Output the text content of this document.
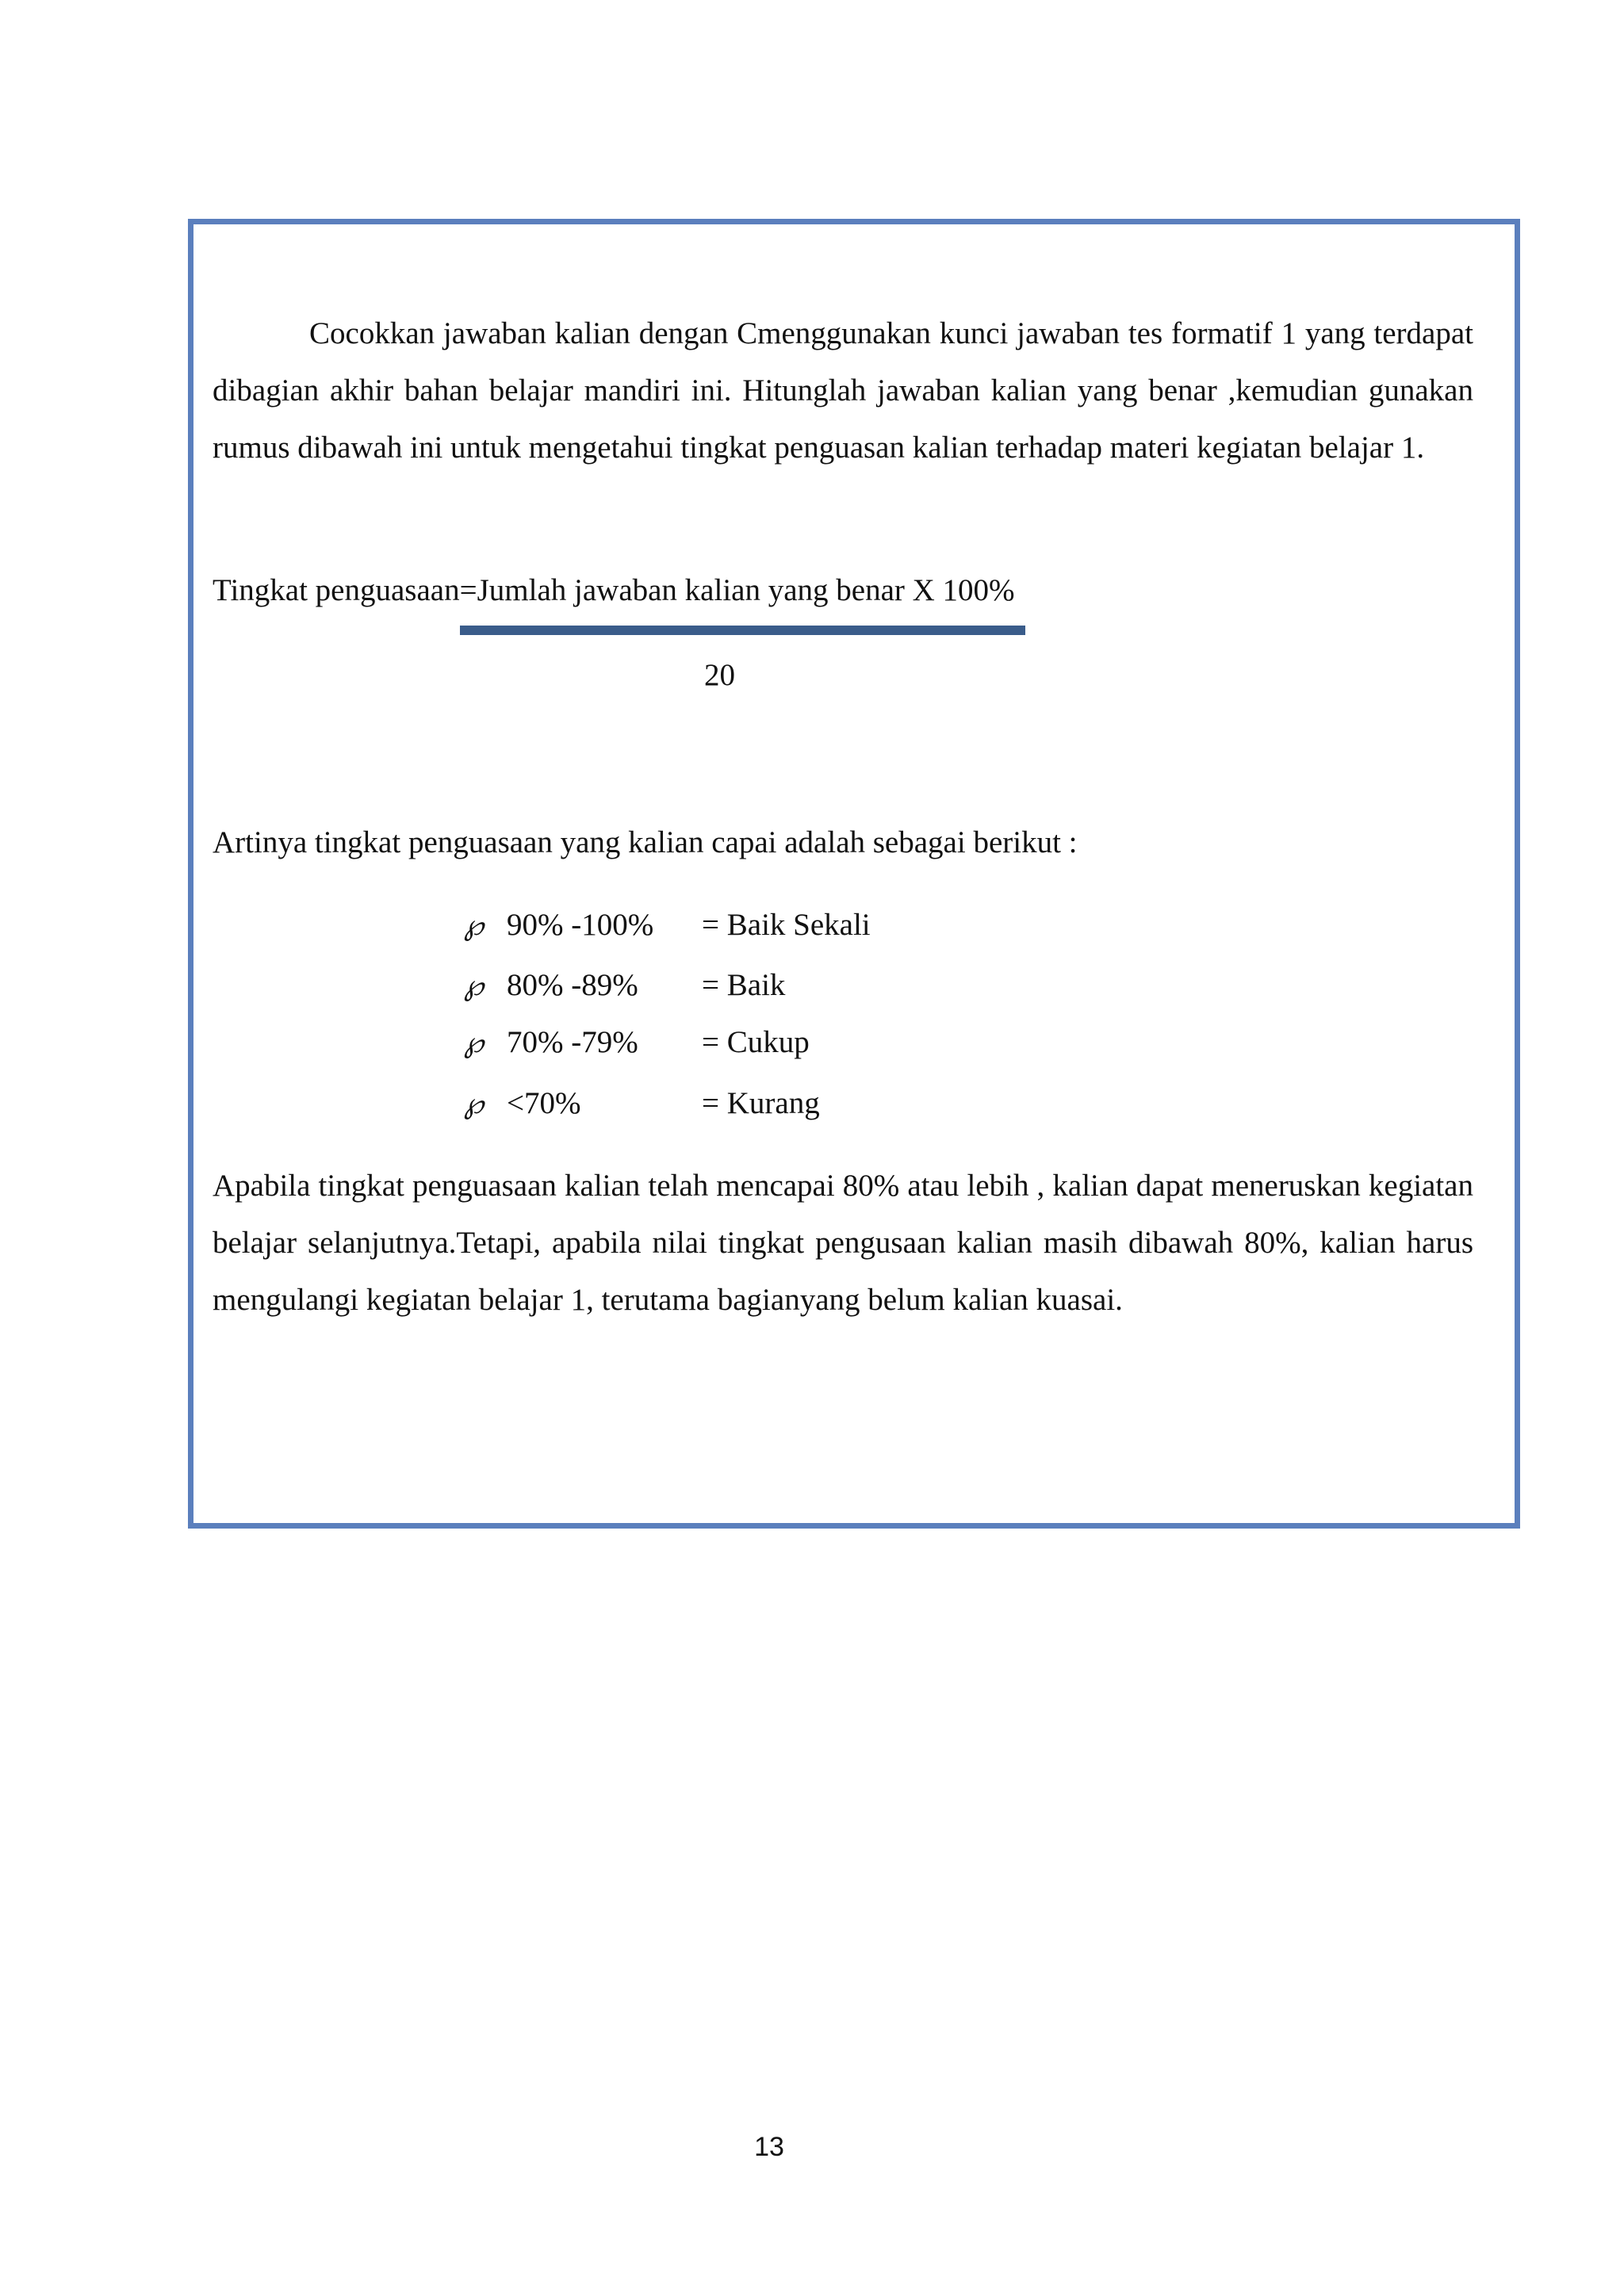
Cocokkan jawaban kalian dengan Cmenggunakan kunci jawaban tes formatif 1 yang terdapat dibagian akhir bahan belajar mandiri ini. Hitunglah jawaban kalian yang benar ,kemudian gunakan rumus dibawah ini untuk mengetahui tingkat penguasan kalian terhadap materi kegiatan belajar 1.

Tingkat penguasaan=Jumlah jawaban kalian yang benar X 100%
20
Artinya tingkat penguasaan yang kalian capai adalah sebagai berikut :
℘ 90% -100% = Baik Sekali
℘ 80% -89% = Baik
℘ 70% -79% = Cukup
℘ <70%	= Kurang

Apabila tingkat penguasaan kalian telah mencapai 80% atau lebih , kalian dapat meneruskan kegiatan belajar selanjutnya.Tetapi, apabila nilai tingkat pengusaan kalian masih dibawah 80%, kalian harus mengulangi kegiatan belajar 1, terutama bagianyang belum kalian kuasai.

13
